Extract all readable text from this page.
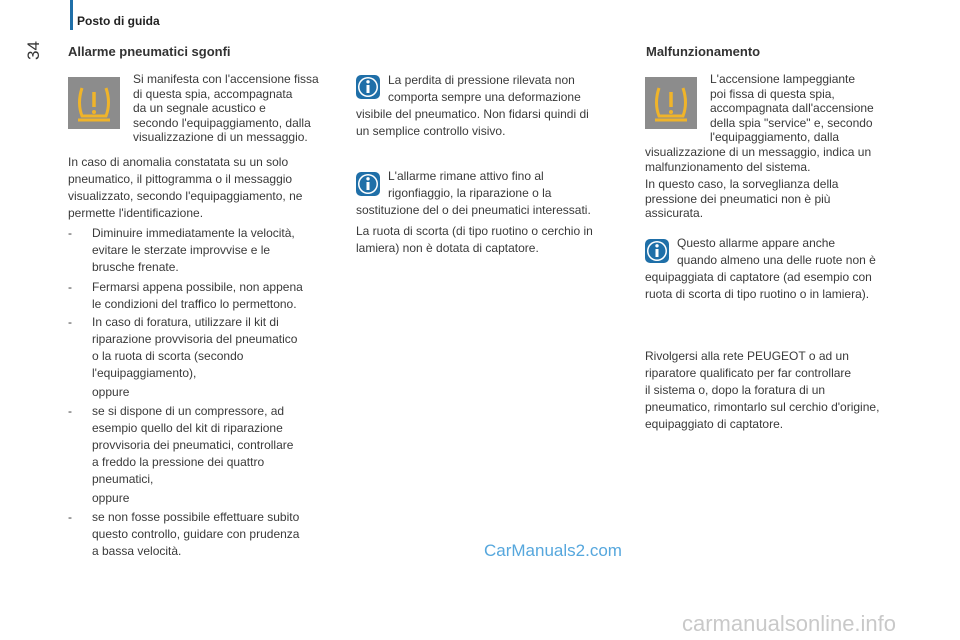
Posto di guida
34 Allarme pneumatici sgonfi
Si manifesta con l'accensione fissa
di questa spia, accompagnata
da un segnale acustico e
secondo l'equipaggiamento, dalla
visualizzazione di un messaggio.
In caso di anomalia constatata su un solo
pneumatico, il pittogramma o il messaggio
visualizzato, secondo l'equipaggiamento, ne
permette l'identificazione.
- Diminuire immediatamente la velocità,
evitare le sterzate improvvise e le
brusche frenate.
- Fermarsi appena possibile, non appena
le condizioni del traffico lo permettono.
- In caso di foratura, utilizzare il kit di
riparazione provvisoria del pneumatico
o la ruota di scorta (secondo
l'equipaggiamento),
oppure
- se si dispone di un compressore, ad
esempio quello del kit di riparazione
provvisoria dei pneumatici, controllare
a freddo la pressione dei quattro
pneumatici,
oppure
- se non fosse possibile effettuare subito
questo controllo, guidare con prudenza
a bassa velocità.
La perdita di pressione rilevata non
comporta sempre una deformazione
visibile del pneumatico. Non fidarsi quindi di
un semplice controllo visivo.
L'allarme rimane attivo fino al
rigonfiaggio, la riparazione o la
sostituzione del o dei pneumatici interessati.
La ruota di scorta (di tipo ruotino o cerchio in
lamiera) non è dotata di captatore.
Malfunzionamento
L'accensione lampeggiante
poi fissa di questa spia,
accompagnata dall'accensione
della spia "service" e, secondo
l'equipaggiamento, dalla
visualizzazione di un messaggio, indica un
malfunzionamento del sistema.
In questo caso, la sorveglianza della
pressione dei pneumatici non è più
assicurata.
Questo allarme appare anche
quando almeno una delle ruote non è
equipaggiata di captatore (ad esempio con
ruota di scorta di tipo ruotino o in lamiera).
Rivolgersi alla rete PEUGEOT o ad un
riparatore qualificato per far controllare
il sistema o, dopo la foratura di un
pneumatico, rimontarlo sul cerchio d'origine,
equipaggiato di captatore.
CarManuals2.com
carmanualsonline.info
